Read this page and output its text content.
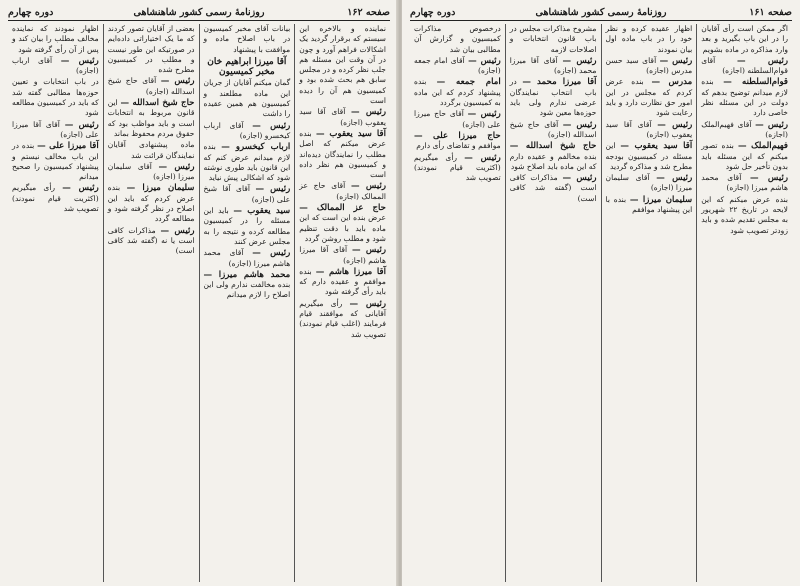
صفحه ۱۶۲
روزنامهٔ رسمی کشور شاهنشاهی
دوره چهارم
نماینده و بالاخره این سیستم که برقرار گردید یک اشکالات فراهم آورد و چون در آن وقت این مسئله هم جلب نظر کرده و در مجلس سابق هم بحث شده بود و کمیسیون هم آن را دیده است
رئیس — آقای آقا سید یعقوب (اجازه)
آقا سید یعقوب — بنده عرض میکنم که اصل مطلب را نمایندگان دیده‌اند و کمیسیون هم نظر داده است
رئیس — آقای حاج عز الممالک (اجازه)
حاج عز الممالک — عرض بنده این است که این ماده باید با دقت تنظیم شود و مطلب روشن گردد
رئیس — آقای آقا میرزا هاشم (اجازه)
آقا میرزا هاشم — بنده موافقم و عقیده دارم که باید رأی گرفته شود
رئیس — رأی میگیریم آقایانی که موافقند قیام فرمایند (اغلب قیام نمودند) تصویب شد
بیانات آقای مخبر کمیسیون در باب اصلاح ماده و موافقت با پیشنهاد
آقا میرزا ابراهیم خان مخبر کمیسیون
گمان میکنم آقایان از جریان این ماده مطلعند و کمیسیون هم همین عقیده را داشت
رئیس — آقای ارباب کیخسرو (اجازه)
ارباب کیخسرو — بنده لازم میدانم عرض کنم که این قانون باید طوری نوشته شود که اشکالی پیش نیاید
رئیس — آقای آقا شیخ علی (اجازه)
سید یعقوب — باید این مسئله را در کمیسیون مطالعه کرده و نتیجه را به مجلس عرض کنند
رئیس — آقای محمد هاشم میرزا (اجازه)
محمد هاشم میرزا — بنده مخالفت ندارم ولی این اصلاح را لازم میدانم
بعضی از آقایان تصور کردند که ما یک اختیاراتی داده‌ایم در صورتیکه این طور نیست و مطلب در کمیسیون مطرح شده
رئیس — آقای حاج شیخ اسدالله (اجازه)
حاج شیخ اسدالله — این قانون مربوط به انتخابات است و باید مواظب بود که حقوق مردم محفوظ بماند
ماده پیشنهادی آقایان نمایندگان قرائت شد
رئیس — آقای سلیمان میرزا (اجازه)
سلیمان میرزا — بنده عرض کردم که باید این اصلاح در نظر گرفته شود و مطالعه گردد
رئیس — مذاکرات کافی است یا نه (گفته شد کافی است)
اظهار نمودند که نماینده مخالف مطلب را بیان کند و پس از آن رأی گرفته شود
رئیس — آقای ارباب (اجازه)
در باب انتخابات و تعیین حوزه‌ها مطالبی گفته شد که باید در کمیسیون مطالعه شود
رئیس — آقای آقا میرزا علی (اجازه)
آقا میرزا علی — بنده در این باب مخالف نیستم و پیشنهاد کمیسیون را صحیح میدانم
رئیس — رأی میگیریم (اکثریت قیام نمودند) تصویب شد
صفحه ۱۶۱
روزنامهٔ رسمی کشور شاهنشاهی
دوره چهارم
اگر ممکن است رأی آقایان را در این باب بگیرید و بعد وارد مذاکره در ماده بشویم
رئیس — آقای قوام‌السلطنه (اجازه)
قوام‌السلطنه — بنده لازم میدانم توضیح بدهم که دولت در این مسئله نظر خاصی دارد
رئیس — آقای فهیم‌الملک (اجازه)
فهیم‌الملک — بنده تصور میکنم که این مسئله باید بدون تأخیر حل شود
رئیس — آقای محمد هاشم میرزا (اجازه)
بنده عرض میکنم که این لایحه در تاریخ ۲۲ شهریور به مجلس تقدیم شده و باید زودتر تصویب شود
اظهار عقیده کرده و نظر خود را در باب ماده اول بیان نمودند
رئیس — آقای سید حسن مدرس (اجازه)
مدرس — بنده عرض کردم که مجلس در این امور حق نظارت دارد و باید رعایت شود
رئیس — آقای آقا سید یعقوب (اجازه)
آقا سید یعقوب — این مسئله در کمیسیون بودجه مطرح شد و مذاکره گردید
رئیس — آقای سلیمان میرزا (اجازه)
سلیمان میرزا — بنده با این پیشنهاد موافقم
مشروح مذاکرات مجلس در باب قانون انتخابات و اصلاحات لازمه
رئیس — آقای آقا میرزا محمد (اجازه)
آقا میرزا محمد — در باب انتخاب نمایندگان عرضی ندارم ولی باید حوزه‌ها معین شود
رئیس — آقای حاج شیخ اسدالله (اجازه)
حاج شیخ اسدالله — بنده مخالفم و عقیده دارم که این ماده باید اصلاح شود
رئیس — مذاکرات کافی است (گفته شد کافی است)
درخصوص مذاکرات کمیسیون و گزارش آن مطالبی بیان شد
رئیس — آقای امام جمعه (اجازه)
امام جمعه — بنده پیشنهاد کردم که این ماده به کمیسیون برگردد
رئیس — آقای حاج میرزا علی (اجازه)
حاج میرزا علی — موافقم و تقاضای رأی دارم
رئیس — رأی میگیریم (اکثریت قیام نمودند) تصویب شد
